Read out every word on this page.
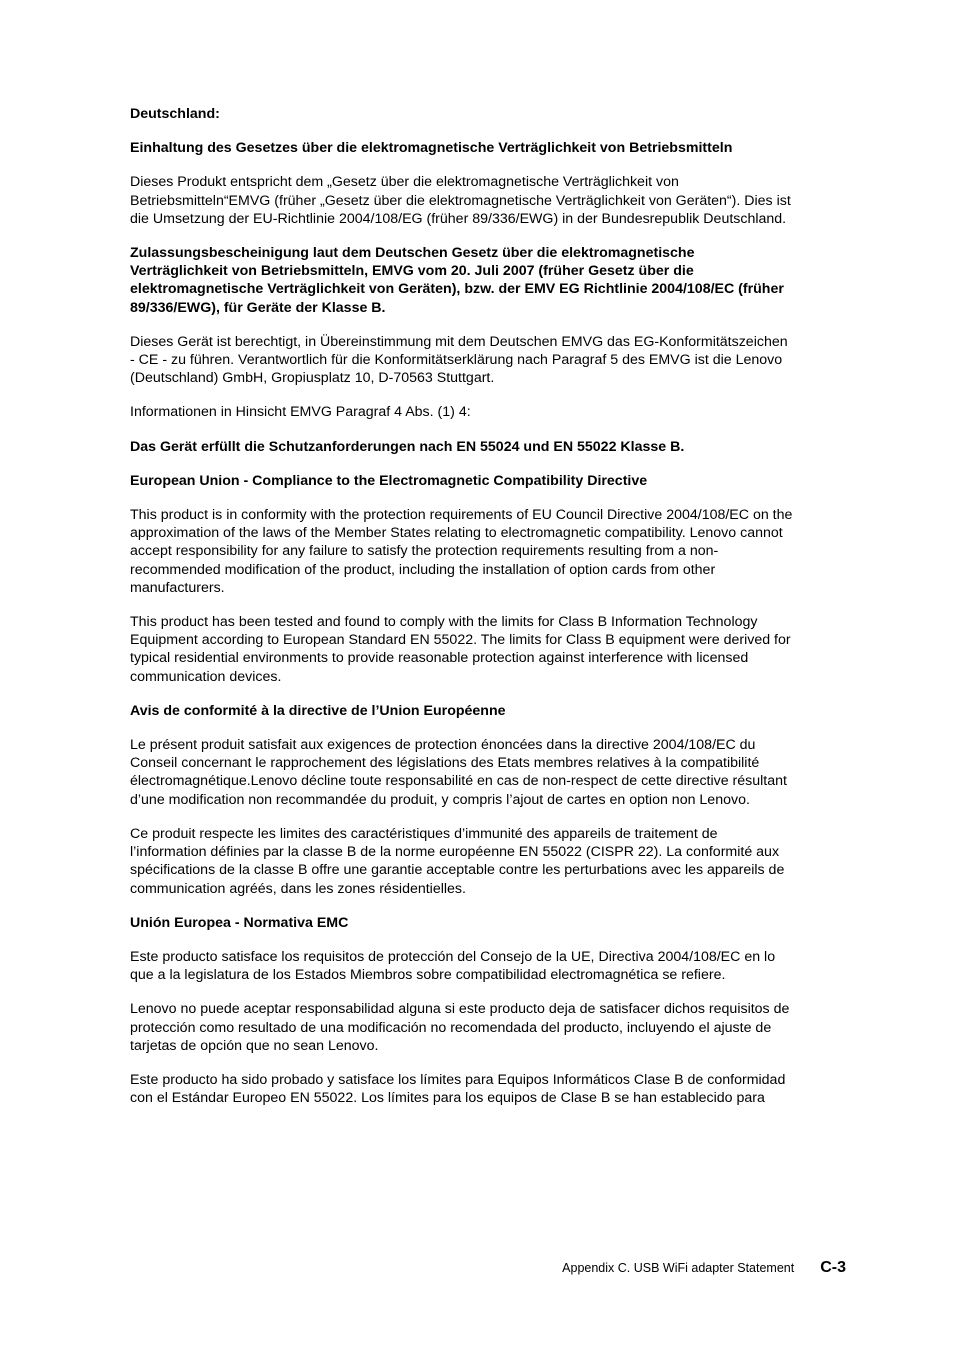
Deutschland:
Einhaltung des Gesetzes über die elektromagnetische Verträglichkeit von Betriebsmitteln
Dieses Produkt entspricht dem „Gesetz über die elektromagnetische Verträglichkeit von
Betriebsmitteln“EMVG (früher „Gesetz über die elektromagnetische Verträglichkeit von Geräten“). Dies ist
die Umsetzung der EU-Richtlinie 2004/108/EG (früher 89/336/EWG) in der Bundesrepublik Deutschland.
Zulassungsbescheinigung laut dem Deutschen Gesetz über die elektromagnetische
Verträglichkeit von Betriebsmitteln, EMVG vom 20. Juli 2007 (früher Gesetz über die
elektromagnetische Verträglichkeit von Geräten), bzw. der EMV EG Richtlinie 2004/108/EC (früher
89/336/EWG), für Geräte der Klasse B.
Dieses Gerät ist berechtigt, in Übereinstimmung mit dem Deutschen EMVG das EG-Konformitätszeichen
- CE - zu führen. Verantwortlich für die Konformitätserklärung nach Paragraf 5 des EMVG ist die Lenovo
(Deutschland) GmbH, Gropiusplatz 10, D-70563 Stuttgart.
Informationen in Hinsicht EMVG Paragraf 4 Abs. (1) 4:
Das Gerät erfüllt die Schutzanforderungen nach EN 55024 und EN 55022 Klasse B.
European Union - Compliance to the Electromagnetic Compatibility Directive
This product is in conformity with the protection requirements of EU Council Directive 2004/108/EC on the
approximation of the laws of the Member States relating to electromagnetic compatibility. Lenovo cannot
accept responsibility for any failure to satisfy the protection requirements resulting from a non-
recommended modification of the product, including the installation of option cards from other
manufacturers.
This product has been tested and found to comply with the limits for Class B Information Technology
Equipment according to European Standard EN 55022. The limits for Class B equipment were derived for
typical residential environments to provide reasonable protection against interference with licensed
communication devices.
Avis de conformité à la directive de l’Union Européenne
Le présent produit satisfait aux exigences de protection énoncées dans la directive 2004/108/EC du
Conseil concernant le rapprochement des législations des Etats membres relatives à la compatibilité
électromagnétique.Lenovo décline toute responsabilité en cas de non-respect de cette directive résultant
d’une modification non recommandée du produit, y compris l’ajout de cartes en option non Lenovo.
Ce produit respecte les limites des caractéristiques d’immunité des appareils de traitement de
l’information définies par la classe B de la norme européenne EN 55022 (CISPR 22). La conformité aux
spécifications de la classe B offre une garantie acceptable contre les perturbations avec les appareils de
communication agréés, dans les zones résidentielles.
Unión Europea - Normativa EMC
Este producto satisface los requisitos de protección del Consejo de la UE, Directiva 2004/108/EC en lo
que a la legislatura de los Estados Miembros sobre compatibilidad electromagnética se refiere.
Lenovo no puede aceptar responsabilidad alguna si este producto deja de satisfacer dichos requisitos de
protección como resultado de una modificación no recomendada del producto, incluyendo el ajuste de
tarjetas de opción que no sean Lenovo.
Este producto ha sido probado y satisface los límites para Equipos Informáticos Clase B de conformidad
con el Estándar Europeo EN 55022. Los límites para los equipos de Clase B se han establecido para
Appendix C. USB WiFi adapter Statement C-3
